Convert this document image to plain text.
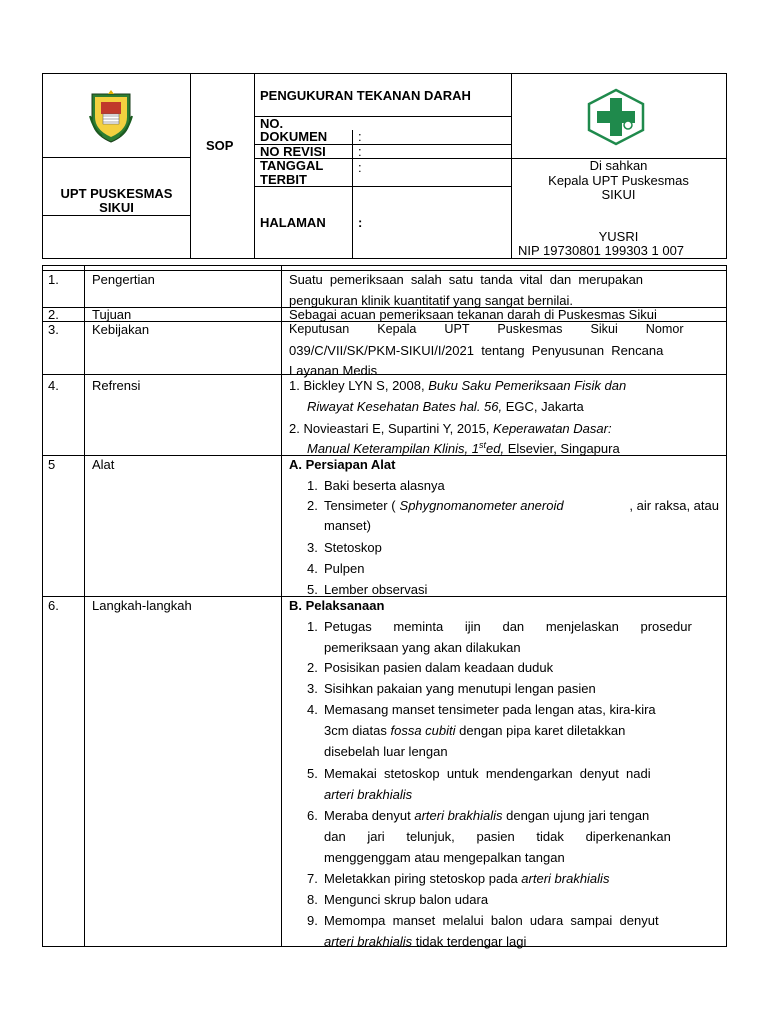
SOP
PENGUKURAN TEKANAN DARAH
UPT PUSKESMAS
SIKUI
NO.
DOKUMEN :
NO REVISI :
TANGGAL
TERBIT
:
HALAMAN :
Di sahkan
Kepala UPT Puskesmas
SIKUI
YUSRI
NIP 19730801 199303 1 007
1.	Pengertian	Suatu  pemeriksaan  salah  satu  tanda  vital  dan  merupakan
pengukuran klinik kuantitatif yang sangat bernilai.
2.	Tujuan	Sebagai acuan pemeriksaan tekanan darah di Puskesmas Sikui
3.	Kebijakan	Keputusan        Kepala        UPT        Puskesmas        Sikui        Nomor
039/C/VII/SK/PKM-SIKUI/I/2021  tentang  Penyusunan  Rencana
Layanan Medis
4.	Refrensi	1. Bickley LYN S, 2008, Buku Saku Pemeriksaan Fisik dan
Riwayat Kesehatan Bates hal. 56, EGC, Jakarta
2. Novieastari E, Supartini Y, 2015, Keperawatan Dasar:
Manual Keterampilan Klinis, 1sted, Elsevier, Singapura
5	Alat	A. Persiapan Alat
1. Baki beserta alasnya
2. Tensimeter ( Sphygnomanometer aneroid	, air raksa, atau
manset)
3. Stetoskop
4. Pulpen
5. Lember observasi
6.	Langkah-langkah	B. Pelaksanaan
1. Petugas      meminta      ijin      dan      menjelaskan      prosedur
pemeriksaan yang akan dilakukan
2. Posisikan pasien dalam keadaan duduk
3. Sisihkan pakaian yang menutupi lengan pasien
4. Memasang manset tensimeter pada lengan atas, kira-kira
3cm diatas fossa cubiti dengan pipa karet diletakkan
disebelah luar lengan
5. Memakai  stetoskop  untuk  mendengarkan  denyut  nadi
arteri brakhialis
6. Meraba denyut arteri brakhialis dengan ujung jari tengan
dan      jari      telunjuk,      pasien      tidak      diperkenankan
menggenggam atau mengepalkan tangan
7. Meletakkan piring stetoskop pada arteri brakhialis
8. Mengunci skrup balon udara
9. Memompa  manset  melalui  balon  udara  sampai  denyut
arteri brakhialis tidak terdengar lagi
